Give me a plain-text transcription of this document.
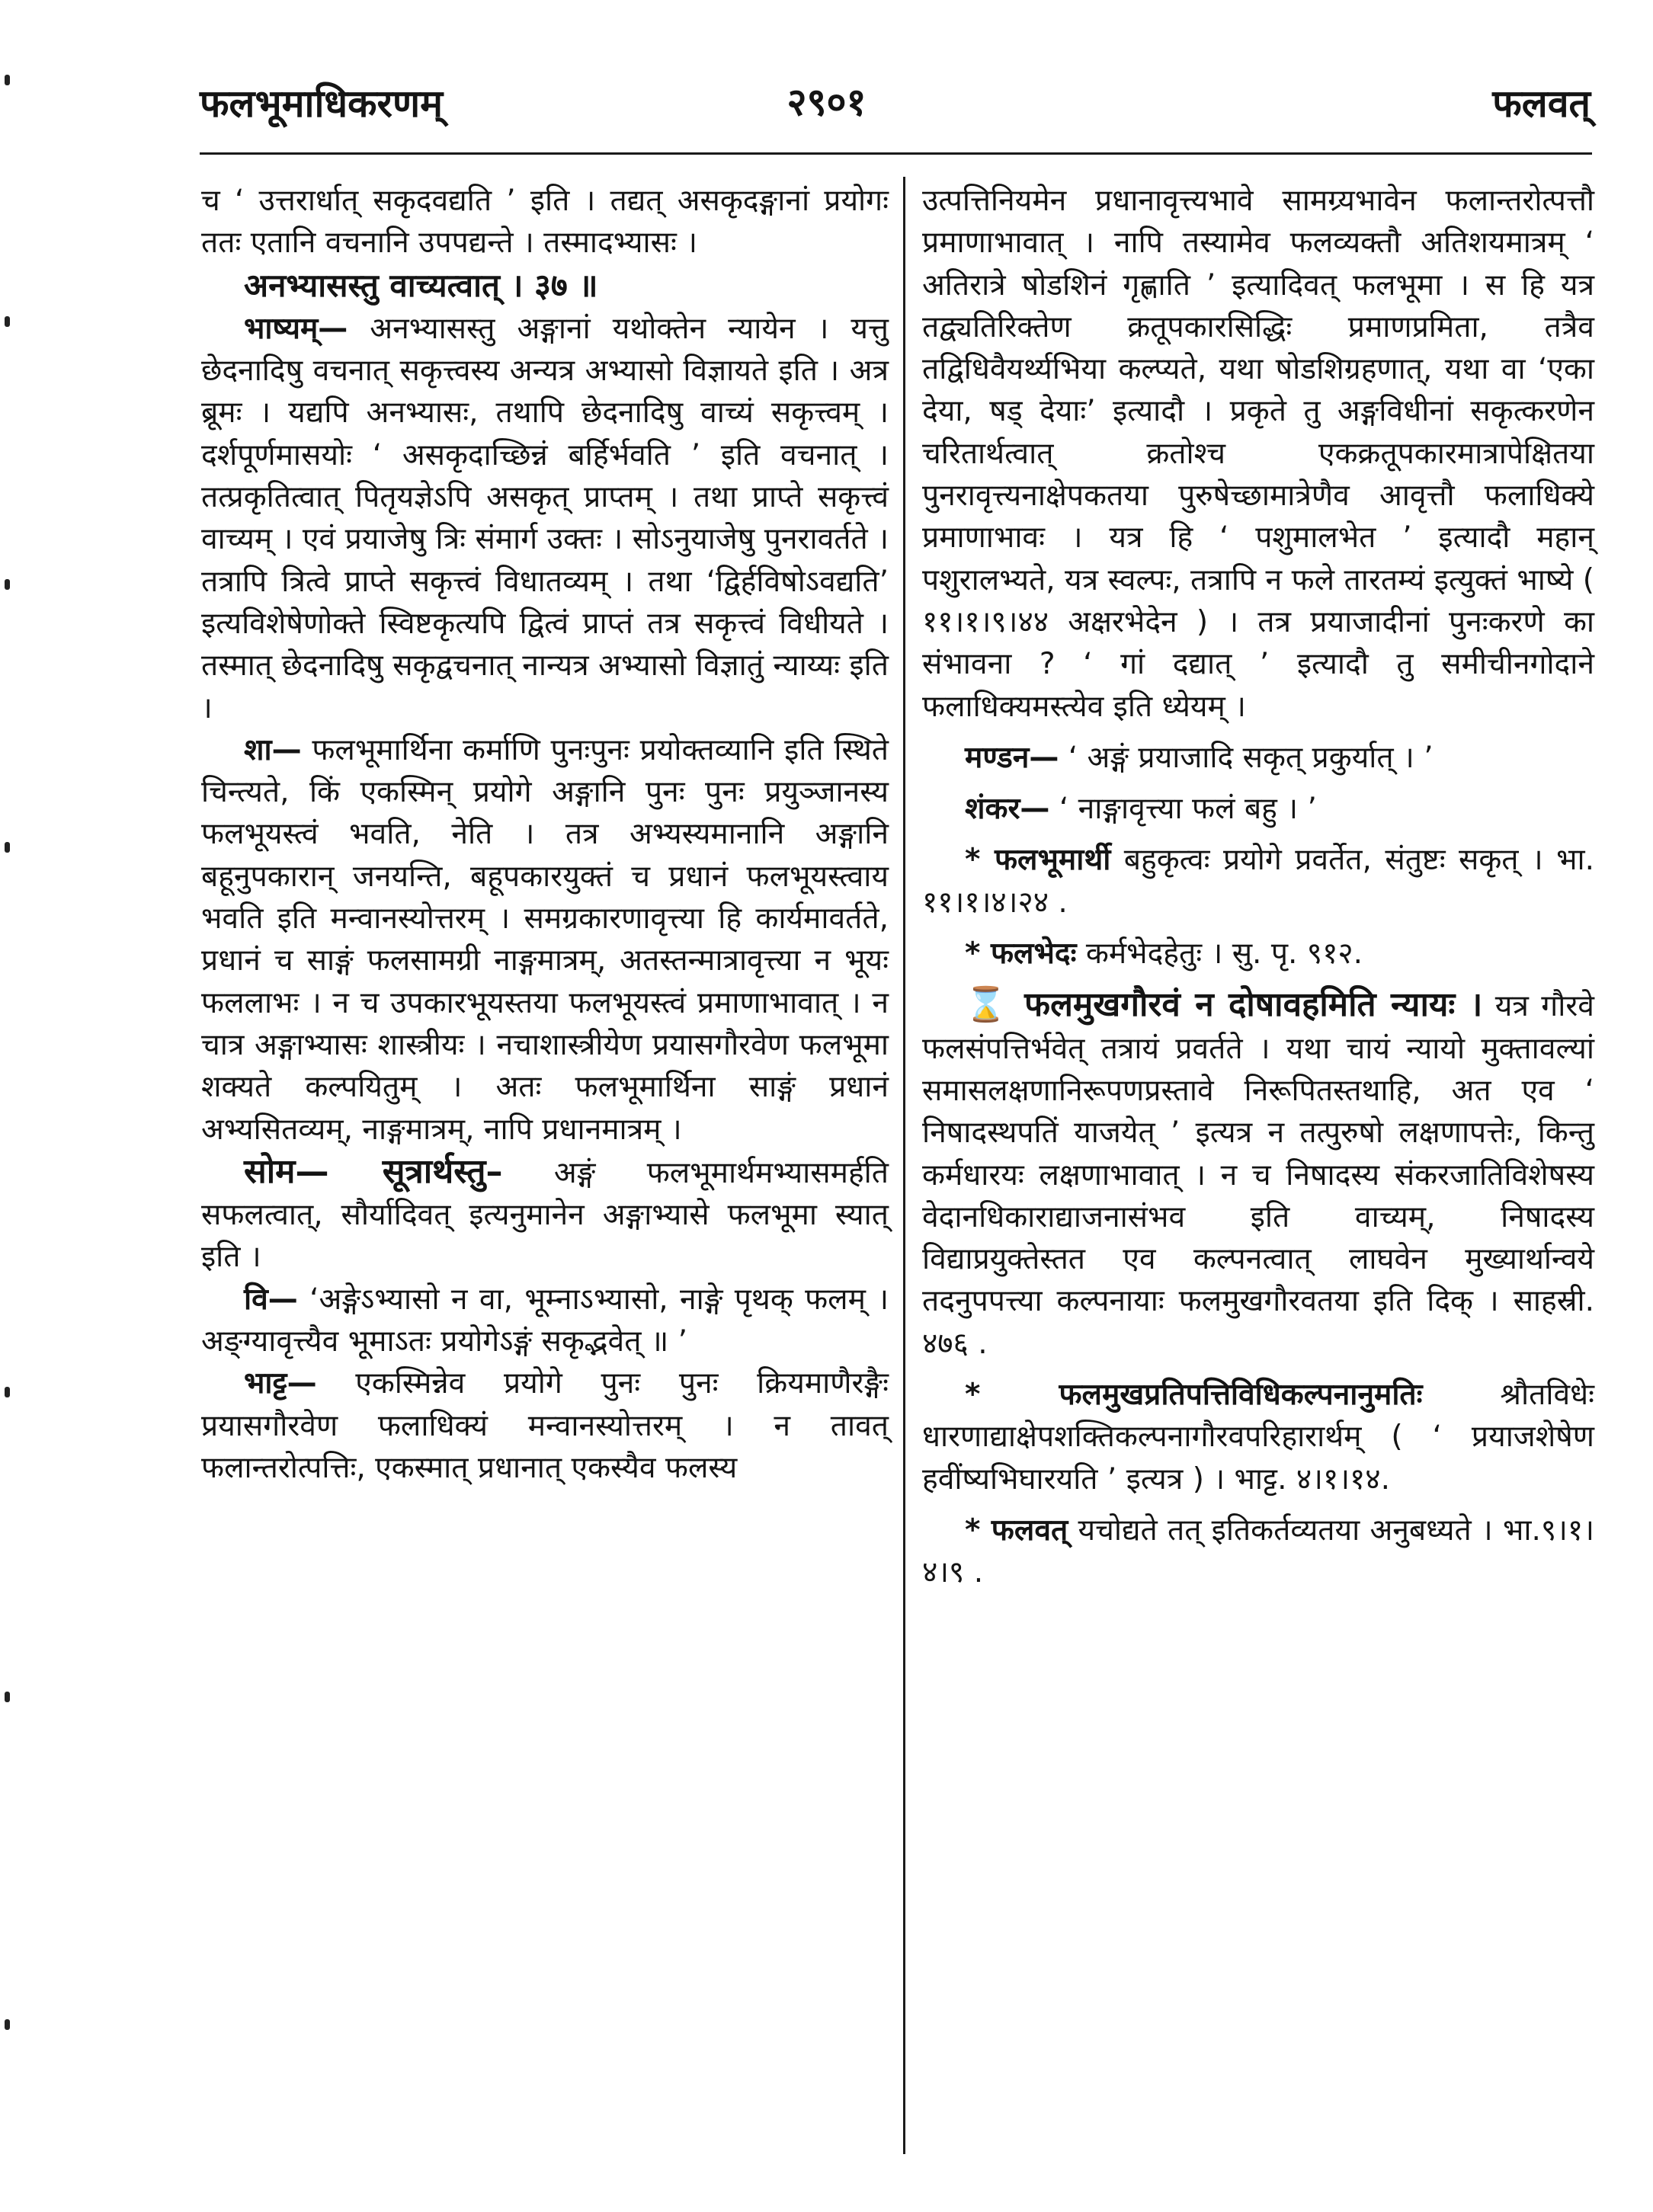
फलभूमाधिकरणम्	२९०१	फलवत्

च ‘ उत्तरार्धात् सकृदवद्यति ’ इति । तद्यत् असकृदङ्गानां प्रयोगः ततः एतानि वचनानि उपपद्यन्ते । तस्मादभ्यासः ।

अनभ्यासस्तु वाच्यत्वात् । ३७ ॥

भाष्यम्— अनभ्यासस्तु अङ्गानां यथोक्तेन न्यायेन । यत्तु छेदनादिषु वचनात् सकृत्त्वस्य अन्यत्र अभ्यासो विज्ञायते इति । अत्र ब्रूमः । यद्यपि अनभ्यासः, तथापि छेदनादिषु वाच्यं सकृत्त्वम् । दर्शपूर्णमासयोः ‘ असकृदाच्छिन्नं बर्हिर्भवति ’ इति वचनात् । तत्प्रकृतित्वात् पितृयज्ञेऽपि असकृत् प्राप्तम् । तथा प्राप्ते सकृत्त्वं वाच्यम् । एवं प्रयाजेषु त्रिः संमार्ग उक्तः । सोऽनुयाजेषु पुनरावर्तते । तत्रापि त्रित्वे प्राप्ते सकृत्त्वं विधातव्यम् । तथा ‘द्विर्हविषोऽवद्यति’ इत्यविशेषेणोक्ते स्विष्टकृत्यपि द्वित्वं प्राप्तं तत्र सकृत्त्वं विधीयते । तस्मात् छेदनादिषु सकृद्वचनात् नान्यत्र अभ्यासो विज्ञातुं न्याय्यः इति ।

शा— फलभूमार्थिना कर्माणि पुनःपुनः प्रयोक्तव्यानि इति स्थिते चिन्त्यते, किं एकस्मिन् प्रयोगे अङ्गानि पुनः पुनः प्रयुञ्जानस्य फलभूयस्त्वं भवति, नेति । तत्र अभ्यस्यमानानि अङ्गानि बहूनुपकारान् जनयन्ति, बहूपकारयुक्तं च प्रधानं फलभूयस्त्वाय भवति इति मन्वानस्योत्तरम् । समग्रकारणावृत्त्या हि कार्यमावर्तते, प्रधानं च साङ्गं फलसामग्री नाङ्गमात्रम्, अतस्तन्मात्रावृत्त्या न भूयः फललाभः । न च उपकारभूयस्तया फलभूयस्त्वं प्रमाणाभावात् । न चात्र अङ्गाभ्यासः शास्त्रीयः । नचाशास्त्रीयेण प्रयासगौरवेण फलभूमा शक्यते कल्पयितुम् । अतः फलभूमार्थिना साङ्गं प्रधानं अभ्यसितव्यम्, नाङ्गमात्रम्, नापि प्रधानमात्रम् ।

सोम— सूत्रार्थस्तु– अङ्गं फलभूमार्थमभ्यासमर्हति सफलत्वात्, सौर्यादिवत् इत्यनुमानेन अङ्गाभ्यासे फलभूमा स्यात् इति ।

वि— ‘अङ्गेऽभ्यासो न वा, भूम्नाऽभ्यासो, नाङ्गे पृथक् फलम् । अङ्ग्यावृत्त्यैव भूमाऽतः प्रयोगेऽङ्गं सकृद्भवेत् ॥ ’

भाट्ट— एकस्मिन्नेव प्रयोगे पुनः पुनः क्रियमाणैरङ्गैः प्रयासगौरवेण फलाधिक्यं मन्वानस्योत्तरम् । न तावत् फलान्तरोत्पत्तिः, एकस्मात् प्रधानात् एकस्यैव फलस्य

उत्पत्तिनियमेन प्रधानावृत्त्यभावे सामग्र्यभावेन फलान्तरोत्पत्तौ प्रमाणाभावात् । नापि तस्यामेव फलव्यक्तौ अतिशयमात्रम् ‘ अतिरात्रे षोडशिनं गृह्णाति ’ इत्यादिवत् फलभूमा । स हि यत्र तद्व्यतिरिक्तेण क्रतूपकारसिद्धिः प्रमाणप्रमिता, तत्रैव तद्विधिवैयर्थ्यभिया कल्प्यते, यथा षोडशिग्रहणात्, यथा वा ‘एका देया, षड् देयाः’ इत्यादौ । प्रकृते तु अङ्गविधीनां सकृत्करणेन चरितार्थत्वात् क्रतोश्च एकक्रतूपकारमात्रापेक्षितया पुनरावृत्त्यनाक्षेपकतया पुरुषेच्छामात्रेणैव आवृत्तौ फलाधिक्ये प्रमाणाभावः । यत्र हि ‘ पशुमालभेत ’ इत्यादौ महान् पशुरालभ्यते, यत्र स्वल्पः, तत्रापि न फले तारतम्यं इत्युक्तं भाष्ये ( ११।१।९।४४ अक्षरभेदेन ) । तत्र प्रयाजादीनां पुनःकरणे का संभावना ? ‘ गां दद्यात् ’ इत्यादौ तु समीचीनगोदाने फलाधिक्यमस्त्येव इति ध्येयम् ।

मण्डन— ‘ अङ्गं प्रयाजादि सकृत् प्रकुर्यात् । ’

शंकर— ‘ नाङ्गावृत्त्या फलं बहु । ’

* फलभूमार्थी बहुकृत्वः प्रयोगे प्रवर्तेत, संतुष्टः सकृत् । भा. ११।१।४।२४ .

* फलभेदः कर्मभेदहेतुः । सु. पृ. ९१२.

⌛ फलमुखगौरवं न दोषावहमिति न्यायः । यत्र गौरवे फलसंपत्तिर्भवेत् तत्रायं प्रवर्तते । यथा चायं न्यायो मुक्तावल्यां समासलक्षणानिरूपणप्रस्तावे निरूपितस्तथाहि, अत एव ‘ निषादस्थपतिं याजयेत् ’ इत्यत्र न तत्पुरुषो लक्षणापत्तेः, किन्तु कर्मधारयः लक्षणाभावात् । न च निषादस्य संकरजातिविशेषस्य वेदानधिकाराद्याजनासंभव इति वाच्यम्, निषादस्य विद्याप्रयुक्तेस्तत एव कल्पनत्वात् लाघवेन मुख्यार्थान्वये तदनुपपत्त्या कल्पनायाः फलमुखगौरवतया इति दिक् । साहस्री. ४७६ .

* फलमुखप्रतिपत्तिविधिकल्पनानुमतिः श्रौतविधेः धारणाद्याक्षेपशक्तिकल्पनागौरवपरिहारार्थम् ( ‘ प्रयाजशेषेण हवींष्यभिघारयति ’ इत्यत्र ) । भाट्ट. ४।१।१४.

* फलवत् यचोद्यते तत् इतिकर्तव्यतया अनुबध्यते । भा.९।१।४।९ .
